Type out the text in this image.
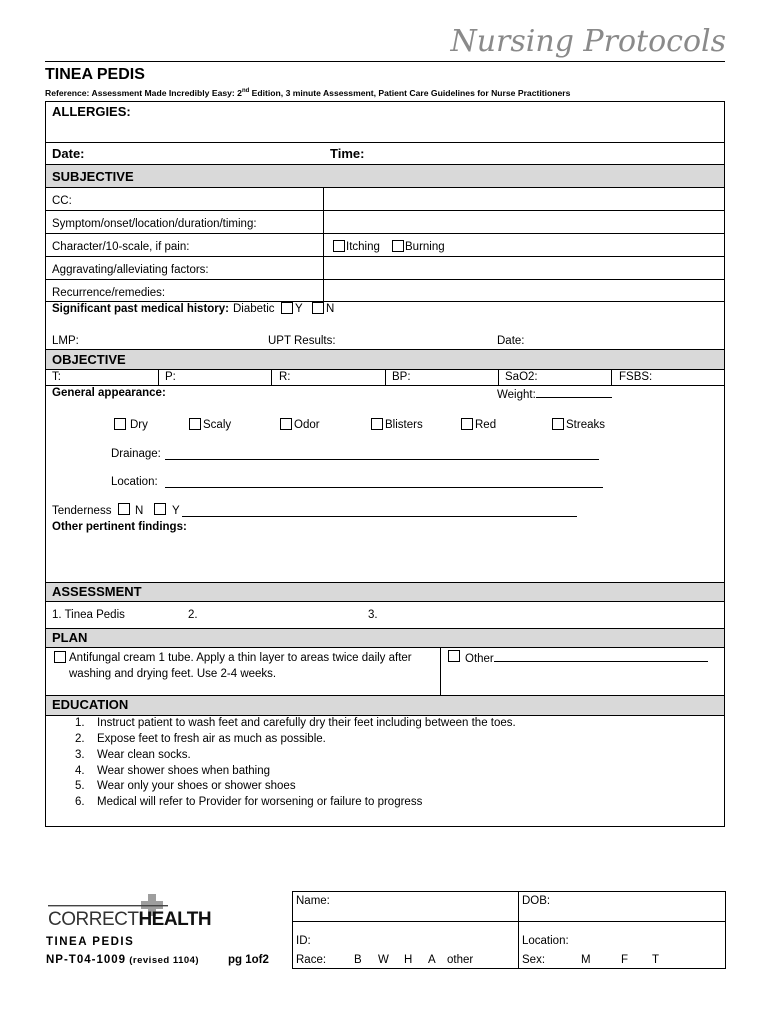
Nursing Protocols
TINEA PEDIS
Reference: Assessment Made Incredibly Easy: 2nd Edition, 3 minute Assessment, Patient Care Guidelines for Nurse Practitioners
ALLERGIES:
Date:	Time:
SUBJECTIVE
CC:
Symptom/onset/location/duration/timing:
Character/10-scale, if pain:	Itching Burning
Aggravating/alleviating factors:
Recurrence/remedies:
Significant past medical history: Diabetic Y N
LMP:	UPT Results:	Date:
OBJECTIVE
T:	P:	R:	BP:	SaO2:	FSBS:
General appearance:	Weight:
Dry	Scaly	Odor	Blisters	Red	Streaks
Drainage:
Location:
Tenderness N Y
Other pertinent findings:
ASSESSMENT
1. Tinea Pedis	2.	3.
PLAN
Antifungal cream 1 tube. Apply a thin layer to areas twice daily after
washing and drying feet. Use 2-4 weeks.
Other
EDUCATION
1. Instruct patient to wash feet and carefully dry their feet including between the toes.
2. Expose feet to fresh air as much as possible.
3. Wear clean socks.
4. Wear shower shoes when bathing
5. Wear only your shoes or shower shoes
6. Medical will refer to Provider for worsening or failure to progress
CORRECTHEALTH
TINEA PEDIS
NP-T04-1009 (revised 1104)	pg 1of2
Name:	DOB:
ID:	Location:
Race: B W H A other	Sex:	M	F T
